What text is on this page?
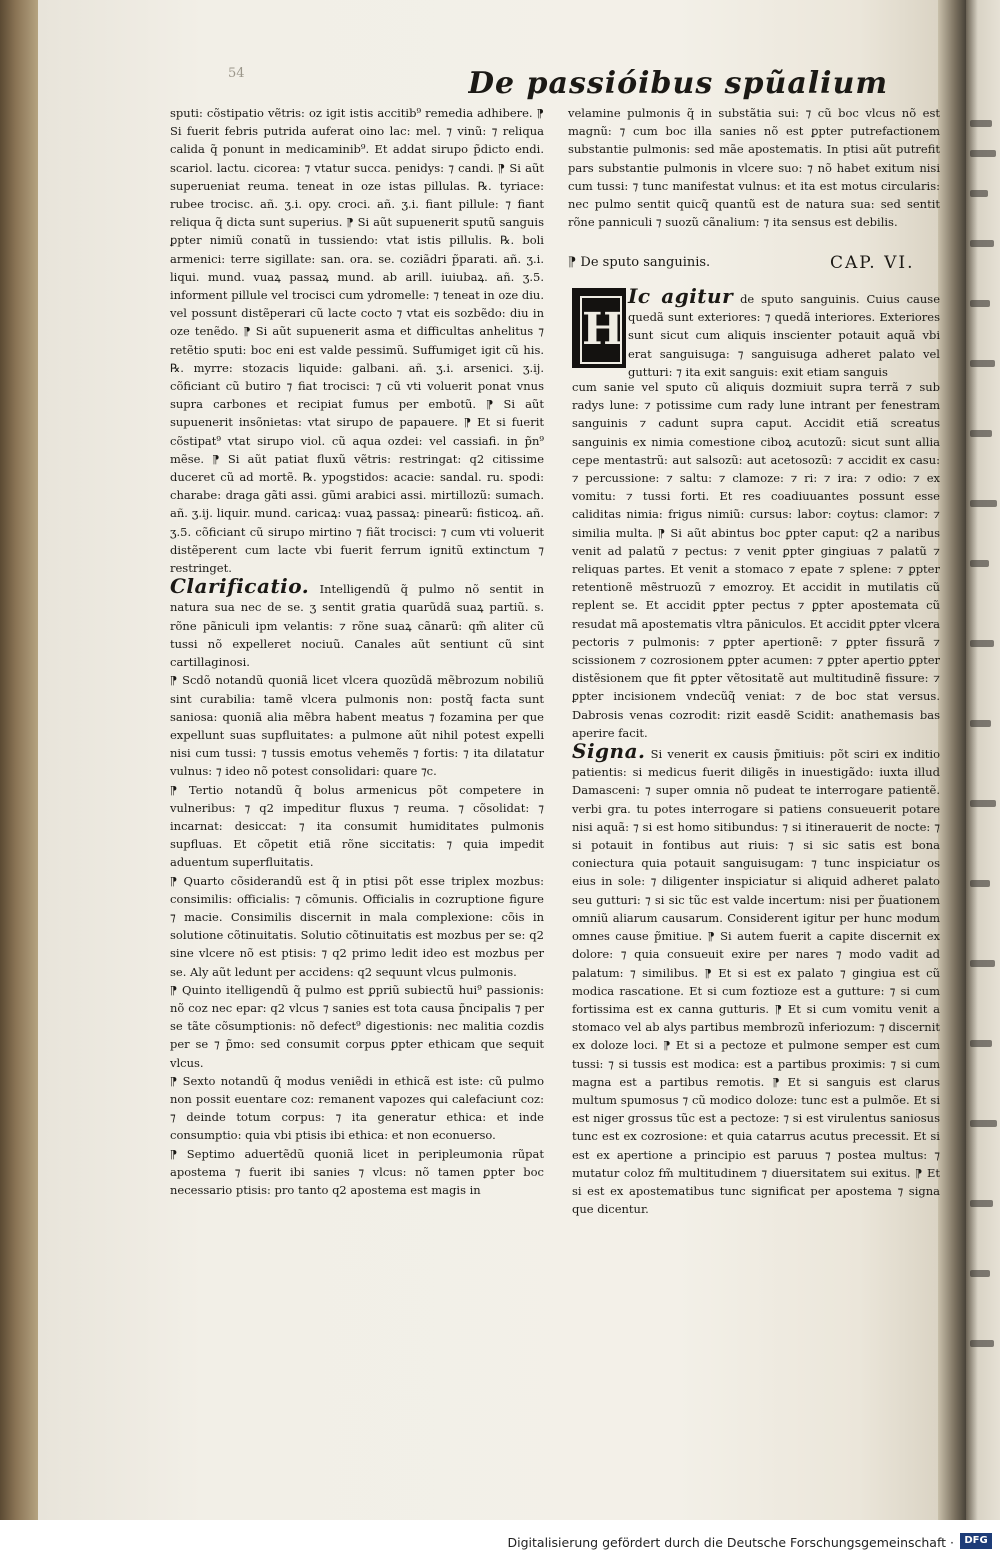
54	De passióibus spũalium

sputi: cõstipatio vẽtris: oz igit istis accitib⁹ remedia adhibere. ⁋ Si fuerit febris putrida auferat oino lac: mel. ⁊ vinũ: ⁊ reliqua calida q̃ ponunt in medicaminib⁹. Et addat sirupo p̃dicto endi. scariol. lactu. cicorea: ⁊ vtatur succa. penidys: ⁊ candi. ⁋ Si aũt superueniat reuma. teneat in oze istas pillulas. ℞. tyriace: rubee trocisc. añ. ʒ.i. opy. croci. añ. ʒ.i. fiant pillule: ⁊ fiant reliqua q̃ dicta sunt superius. ⁋ Si aũt supuenerit sputũ sanguis ꝑpter nimiũ conatũ in tussiendo: vtat istis pillulis. ℞. boli armenici: terre sigillate: san. ora. se. coziãdri p̃parati. añ. ʒ.i. liqui. mund. vuaꝝ passaꝝ mund. ab arill. iuiubaꝝ. añ. ʒ.5. informent pillule vel trocisci cum ydromelle: ⁊ teneat in oze diu. vel possunt distẽperari cũ lacte cocto ⁊ vtat eis sozbẽdo: diu in oze tenẽdo. ⁋ Si aũt supuenerit asma et difficultas anhelitus ⁊ retẽtio sputi: boc eni est valde pessimũ. Suffumiget igit cũ his. ℞. myrre: stozacis liquide: galbani. añ. ʒ.i. arsenici. ʒ.ij. cõficiant cũ butiro ⁊ fiat trocisci: ⁊ cũ vti voluerit ponat vnus supra carbones et recipiat fumus per embotũ. ⁋ Si aũt supuenerit insõnietas: vtat sirupo de papauere. ⁋ Et si fuerit cõstipat⁹ vtat sirupo viol. cũ aqua ozdei: vel cassiafi. in p̃n⁹ mẽse. ⁋ Si aũt patiat fluxũ vẽtris: restringat: q2 citissime duceret cũ ad mortẽ. ℞. ypogstidos: acacie: sandal. ru. spodi: charabe: draga gãti assi. gũmi arabici assi. mirtillozũ: sumach. añ. ʒ.ij. liquir. mund. caricaꝝ: vuaꝝ passaꝝ: pinearũ: fisticoꝝ. añ. ʒ.5. cõficiant cũ sirupo mirtino ⁊ fiãt trocisci: ⁊ cum vti voluerit distẽperent cum lacte vbi fuerit ferrum ignitũ extinctum ⁊ restringet.

Clarificatio. Intelligendũ q̃ pulmo nõ sentit in natura sua nec de se. ʒ sentit gratia quarũdã suaꝝ partiũ. s. rõne pãniculi ipm velantis: ⁊ rõne suaꝝ cãnarũ: qm̃ aliter cũ tussi nõ expelleret nociuũ. Canales aũt sentiunt cũ sint cartillaginosi.

⁋ Scdõ notandũ quoniã licet vlcera quozũdã mẽbrozum nobiliũ sint curabilia: tamẽ vlcera pulmonis non: postq̃ facta sunt saniosa: quoniã alia mẽbra habent meatus ⁊ fozamina per que expellunt suas supfluitates: a pulmone aũt nihil potest expelli nisi cum tussi: ⁊ tussis emotus vehemẽs ⁊ fortis: ⁊ ita dilatatur vulnus: ⁊ ideo nõ potest consolidari: quare ⁊c.

⁋ Tertio notandũ q̃ bolus armenicus põt competere in vulneribus: ⁊ q2 impeditur fluxus ⁊ reuma. ⁊ cõsolidat: ⁊ incarnat: desiccat: ⁊ ita consumit humiditates pulmonis supfluas. Et cõpetit etiã rõne siccitatis: ⁊ quia impedit aduentum superfluitatis.

⁋ Quarto cõsiderandũ est q̃ in ptisi põt esse triplex mozbus: consimilis: officialis: ⁊ cõmunis. Officialis in cozruptione figure ⁊ macie. Consimilis discernit in mala complexione: cõis in solutione cõtinuitatis. Solutio cõtinuitatis est mozbus per se: q2 sine vlcere nõ est ptisis: ⁊ q2 primo ledit ideo est mozbus per se. Aly aũt ledunt per accidens: q2 sequunt vlcus pulmonis.

⁋ Quinto itelligendũ q̃ pulmo est ꝑpriũ subiectũ hui⁹ passionis: nõ coz nec epar: q2 vlcus ⁊ sanies est tota causa p̃ncipalis ⁊ per se tãte cõsumptionis: nõ defect⁹ digestionis: nec malitia cozdis per se ⁊ p̃mo: sed consumit corpus ꝑpter ethicam que sequit vlcus.

⁋ Sexto notandũ q̃ modus veniẽdi in ethicã est iste: cũ pulmo non possit euentare coz: remanent vapozes qui calefaciunt coz: ⁊ deinde totum corpus: ⁊ ita generatur ethica: et inde consumptio: quia vbi ptisis ibi ethica: et non econuerso.

⁋ Septimo aduertẽdũ quoniã licet in peripleumonia rũpat apostema ⁊ fuerit ibi sanies ⁊ vlcus: nõ tamen ꝑpter boc necessario ptisis: pro tanto q2 apostema est magis in

velamine pulmonis q̃ in substãtia sui: ⁊ cũ boc vlcus nõ est magnũ: ⁊ cum boc illa sanies nõ est ꝑpter putrefactionem substantie pulmonis: sed mãe apostematis. In ptisi aũt putrefit pars substantie pulmonis in vlcere suo: ⁊ nõ habet exitum nisi cum tussi: ⁊ tunc manifestat vulnus: et ita est motus circularis: nec pulmo sentit quicq̃ quantũ est de natura sua: sed sentit rõne panniculi ⁊ suozũ cãnalium: ⁊ ita sensus est debilis.

⁋ De sputo sanguinis.	CAP. VI.
H

Ic agitur de sputo sanguinis. Cuius cause quedã sunt exteriores: ⁊ quedã interiores. Exteriores sunt sicut cum aliquis inscienter potauit aquã vbi erat sanguisuga: ⁊ sanguisuga adheret palato vel gutturi: ⁊ ita exit sanguis: exit etiam sanguis

cum sanie vel sputo cũ aliquis dozmiuit supra terrã ⁊ sub radys lune: ⁊ potissime cum rady lune intrant per fenestram sanguinis ⁊ cadunt supra caput. Accidit etiã screatus sanguinis ex nimia comestione ciboꝝ acutozũ: sicut sunt allia cepe mentastrũ: aut salsozũ: aut acetosozũ: ⁊ accidit ex casu: ⁊ percussione: ⁊ saltu: ⁊ clamoze: ⁊ ri: ⁊ ira: ⁊ odio: ⁊ ex vomitu: ⁊ tussi forti. Et res coadiuuantes possunt esse caliditas nimia: frigus nimiũ: cursus: labor: coytus: clamor: ⁊ similia multa. ⁋ Si aũt abintus boc ꝑpter caput: q2 a naribus venit ad palatũ ⁊ pectus: ⁊ venit ꝑpter gingiuas ⁊ palatũ ⁊ reliquas partes. Et venit a stomaco ⁊ epate ⁊ splene: ⁊ ꝑpter retentionẽ mẽstruozũ ⁊ emozroy. Et accidit in mutilatis cũ replent se. Et accidit ꝑpter pectus ⁊ ꝑpter apostemata cũ resudat mã apostematis vltra pãniculos. Et accidit ꝑpter vlcera pectoris ⁊ pulmonis: ⁊ ꝑpter apertionẽ: ⁊ ꝑpter fissurã ⁊ scissionem ⁊ cozrosionem ꝑpter acumen: ⁊ ꝑpter apertio ꝑpter distẽsionem que fit ꝑpter vẽtositatẽ aut multitudinẽ fissure: ⁊ ꝑpter incisionem vndecũq̃ veniat: ⁊ de boc stat versus. Dabrosis venas cozrodit: rizit easdẽ Scidit: anathemasis bas aperire facit.

Signa. Si venerit ex causis p̃mitiuis: põt sciri ex inditio patientis: si medicus fuerit diligẽs in inuestigãdo: iuxta illud Damasceni: ⁊ super omnia nõ pudeat te interrogare patientẽ. verbi gra. tu potes interrogare si patiens consueuerit potare nisi aquã: ⁊ si est homo sitibundus: ⁊ si itinerauerit de nocte: ⁊ si potauit in fontibus aut riuis: ⁊ si sic satis est bona coniectura quia potauit sanguisugam: ⁊ tunc inspiciatur os eius in sole: ⁊ diligenter inspiciatur si aliquid adheret palato seu gutturi: ⁊ si sic tũc est valde incertum: nisi per p̃uationem omniũ aliarum causarum. Considerent igitur per hunc modum omnes cause p̃mitiue. ⁋ Si autem fuerit a capite discernit ex dolore: ⁊ quia consueuit exire per nares ⁊ modo vadit ad palatum: ⁊ similibus. ⁋ Et si est ex palato ⁊ gingiua est cũ modica rascatione. Et si cum foztioze est a gutture: ⁊ si cum fortissima est ex canna gutturis. ⁋ Et si cum vomitu venit a stomaco vel ab alys partibus membrozũ inferiozum: ⁊ discernit ex doloze loci. ⁋ Et si a pectoze et pulmone semper est cum tussi: ⁊ si tussis est modica: est a partibus proximis: ⁊ si cum magna est a partibus remotis. ⁋ Et si sanguis est clarus multum spumosus ⁊ cũ modico doloze: tunc est a pulmõe. Et si est niger grossus tũc est a pectoze: ⁊ si est virulentus saniosus tunc est ex cozrosione: et quia catarrus acutus precessit. Et si est ex apertione a principio est paruus ⁊ postea multus: ⁊ mutatur coloz fm̃ multitudinem ⁊ diuersitatem sui exitus. ⁋ Et si est ex apostematibus tunc significat per apostema ⁊ signa que dicentur.

Digitalisierung gefördert durch die Deutsche Forschungsgemeinschaft ·	DFG
